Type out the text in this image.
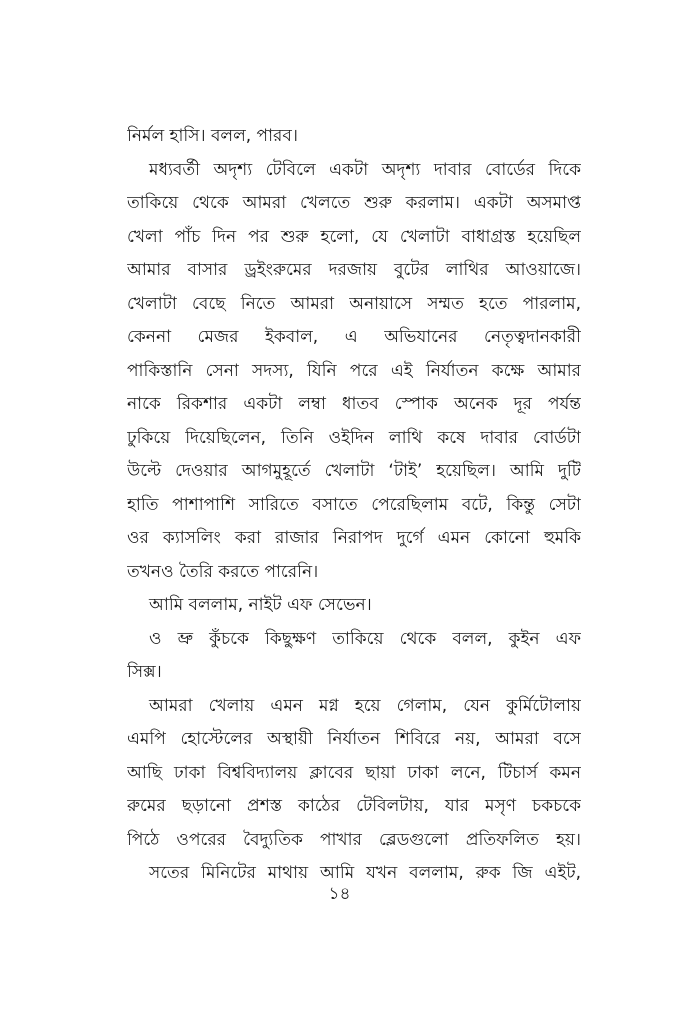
নির্মল হাসি। বলল, পারব।
মধ্যবর্তী অদৃশ্য টেবিলে একটা অদৃশ্য দাবার বোর্ডের দিকে
তাকিয়ে থেকে আমরা খেলতে শুরু করলাম। একটা অসমাপ্ত
খেলা পাঁচ দিন পর শুরু হলো, যে খেলাটা বাধাগ্রস্ত হয়েছিল
আমার বাসার ড্রইংরুমের দরজায় বুটের লাথির আওয়াজে।
খেলাটা বেছে নিতে আমরা অনায়াসে সম্মত হতে পারলাম,
কেননা মেজর ইকবাল, এ অভিযানের নেতৃত্বদানকারী
পাকিস্তানি সেনা সদস্য, যিনি পরে এই নির্যাতন কক্ষে আমার
নাকে রিকশার একটা লম্বা ধাতব স্পোক অনেক দূর পর্যন্ত
ঢুকিয়ে দিয়েছিলেন, তিনি ওইদিন লাথি কষে দাবার বোর্ডটা
উল্টে দেওয়ার আগমুহূর্তে খেলাটা ‘টাই’ হয়েছিল। আমি দুটি
হাতি পাশাপাশি সারিতে বসাতে পেরেছিলাম বটে, কিন্তু সেটা
ওর ক্যাসলিং করা রাজার নিরাপদ দুর্গে এমন কোনো হুমকি
তখনও তৈরি করতে পারেনি।
আমি বললাম, নাইট এফ সেভেন।
ও ভ্রু কুঁচকে কিছুক্ষণ তাকিয়ে থেকে বলল, কুইন এফ
সিক্স।
আমরা খেলায় এমন মগ্ন হয়ে গেলাম, যেন কুর্মিটোলায়
এমপি হোস্টেলের অস্থায়ী নির্যাতন শিবিরে নয়, আমরা বসে
আছি ঢাকা বিশ্ববিদ্যালয় ক্লাবের ছায়া ঢাকা লনে, টিচার্স কমন
রুমের ছড়ানো প্রশস্ত কাঠের টেবিলটায়, যার মসৃণ চকচকে
পিঠে ওপরের বৈদ্যুতিক পাখার ব্লেডগুলো প্রতিফলিত হয়।
সতের মিনিটের মাথায় আমি যখন বললাম, রুক জি এইট,
১৪
